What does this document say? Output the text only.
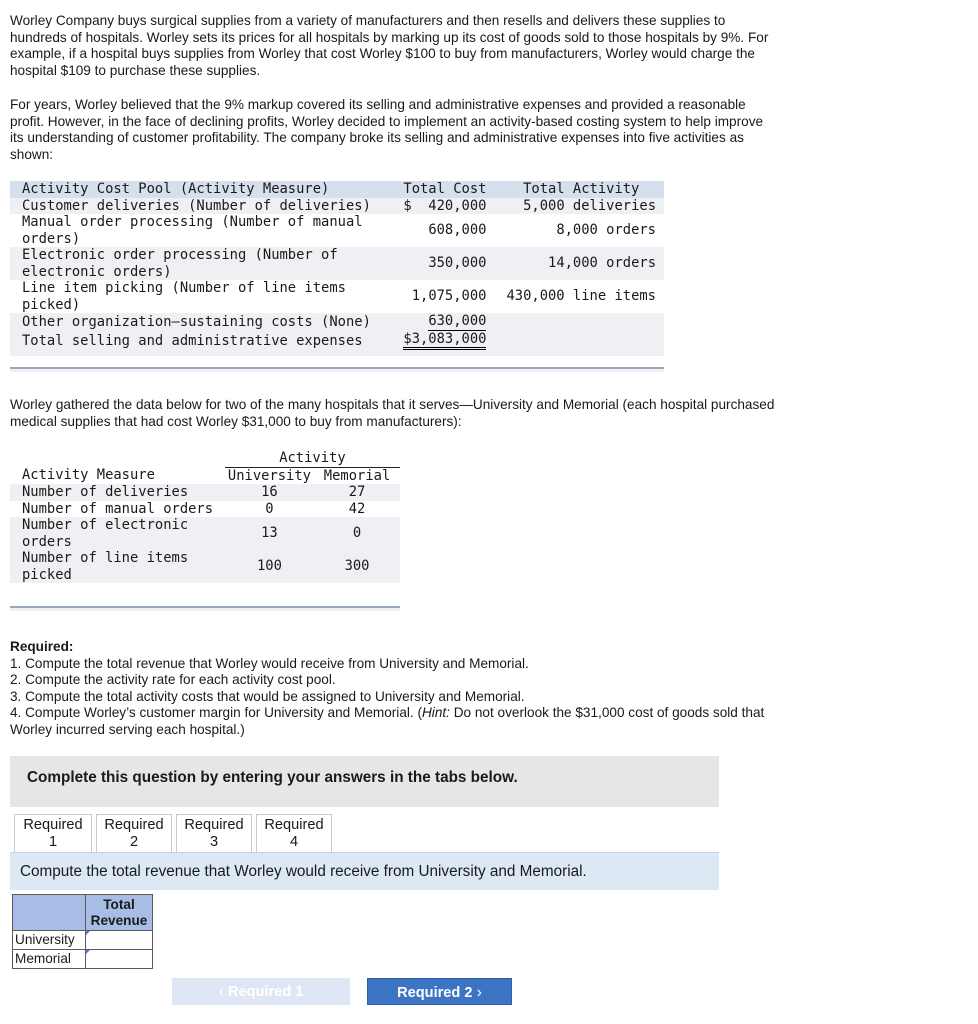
Worley Company buys surgical supplies from a variety of manufacturers and then resells and delivers these supplies to hundreds of hospitals. Worley sets its prices for all hospitals by marking up its cost of goods sold to those hospitals by 9%. For example, if a hospital buys supplies from Worley that cost Worley $100 to buy from manufacturers, Worley would charge the hospital $109 to purchase these supplies.

For years, Worley believed that the 9% markup covered its selling and administrative expenses and provided a reasonable profit. However, in the face of declining profits, Worley decided to implement an activity-based costing system to help improve its understanding of customer profitability. The company broke its selling and administrative expenses into five activities as shown:

Activity Cost Pool (Activity Measure)	Total Cost	Total Activity
Customer deliveries (Number of deliveries)	$  420,000	5,000 deliveries
Manual order processing (Number of manual orders)	608,000	8,000 orders
Electronic order processing (Number of electronic orders)	350,000	14,000 orders
Line item picking (Number of line items picked)	1,075,000	430,000 line items
Other organization–sustaining costs (None)	630,000	
Total selling and administrative expenses	$3,083,000	

Worley gathered the data below for two of the many hospitals that it serves—University and Memorial (each hospital purchased medical supplies that had cost Worley $31,000 to buy from manufacturers):

	Activity	
Activity Measure	University	Memorial
Number of deliveries	16	27
Number of manual orders	0	42
Number of electronic orders	13	0
Number of line items picked	100	300
Required:
1. Compute the total revenue that Worley would receive from University and Memorial.
2. Compute the activity rate for each activity cost pool.
3. Compute the total activity costs that would be assigned to University and Memorial.
4. Compute Worley’s customer margin for University and Memorial. (Hint: Do not overlook the $31,000 cost of goods sold that Worley incurred serving each hospital.)
Complete this question by entering your answers in the tabs below.
Required
1
Required
2
Required
3
Required
4
Compute the total revenue that Worley would receive from University and Memorial.

	Total
Revenue

University	

Memorial	
‹ Required 1	Required 2 ›
